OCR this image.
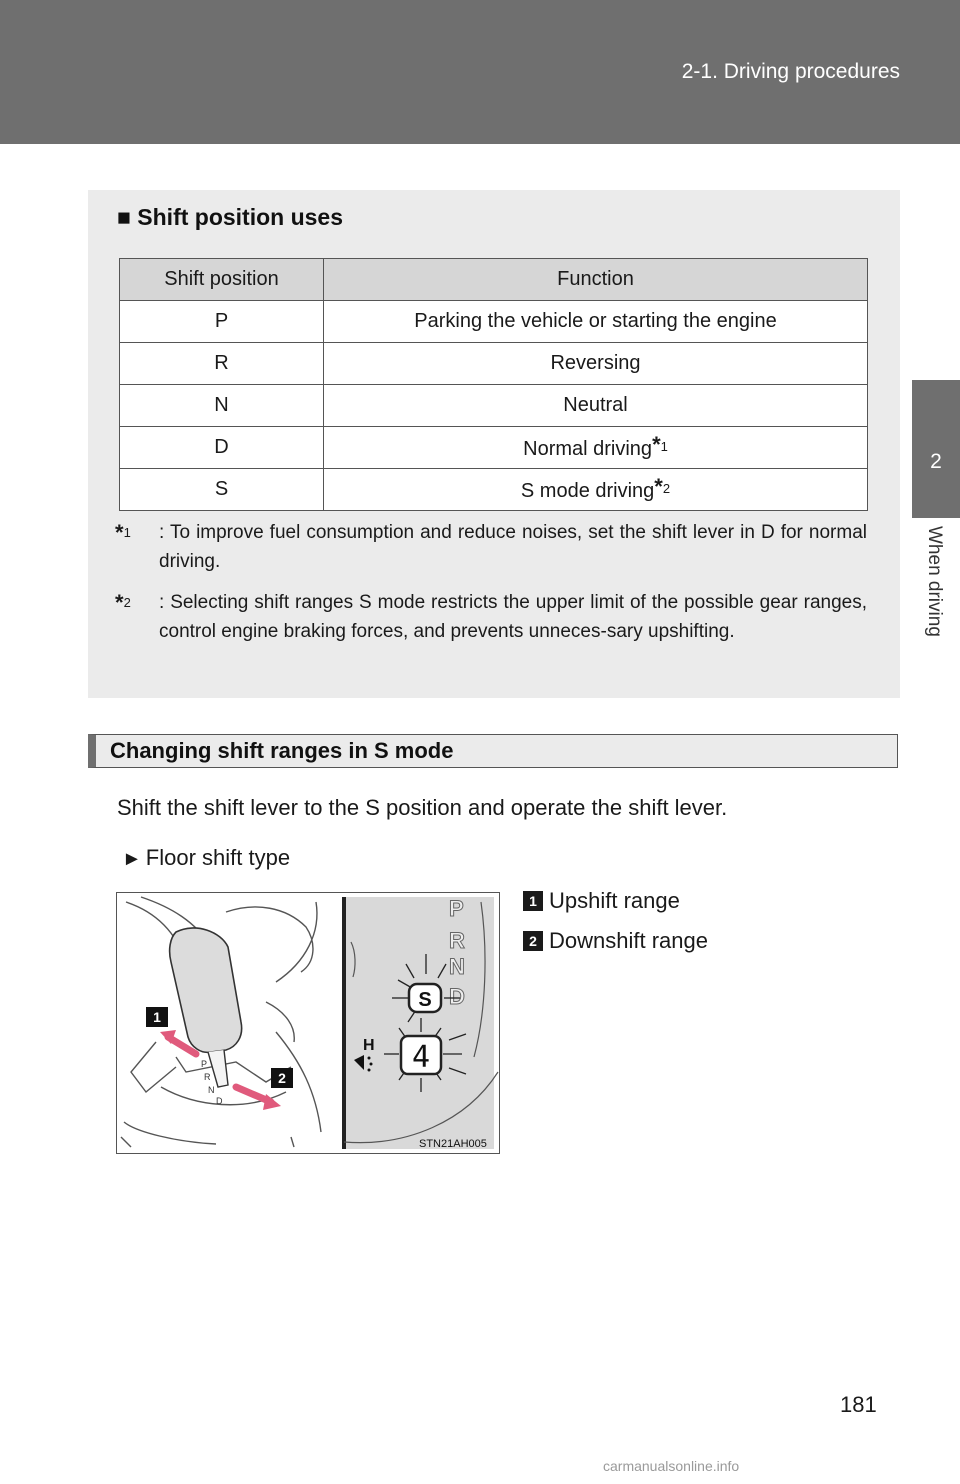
2-1. Driving procedures
2
When driving
■ Shift position uses
Shift position	Function
P	Parking the vehicle or starting the engine
R	Reversing
N	Neutral
D	Normal driving$^{*1}$
S	S mode driving$^{*2}$
*$^1$ : To improve fuel consumption and reduce noises, set the shift lever in D for normal driving.
*$^2$ : Selecting shift ranges S mode restricts the upper limit of the possible gear ranges, control engine braking forces, and prevents unneces-sary upshifting.
Changing shift ranges in S mode
Shift the shift lever to the S position and operate the shift lever.
► Floor shift type
P
R
N
D
1
2
P
R
N
D
S
4
H
STN21AH005
1 Upshift range
2 Downshift range
181
carmanualsonline.info
